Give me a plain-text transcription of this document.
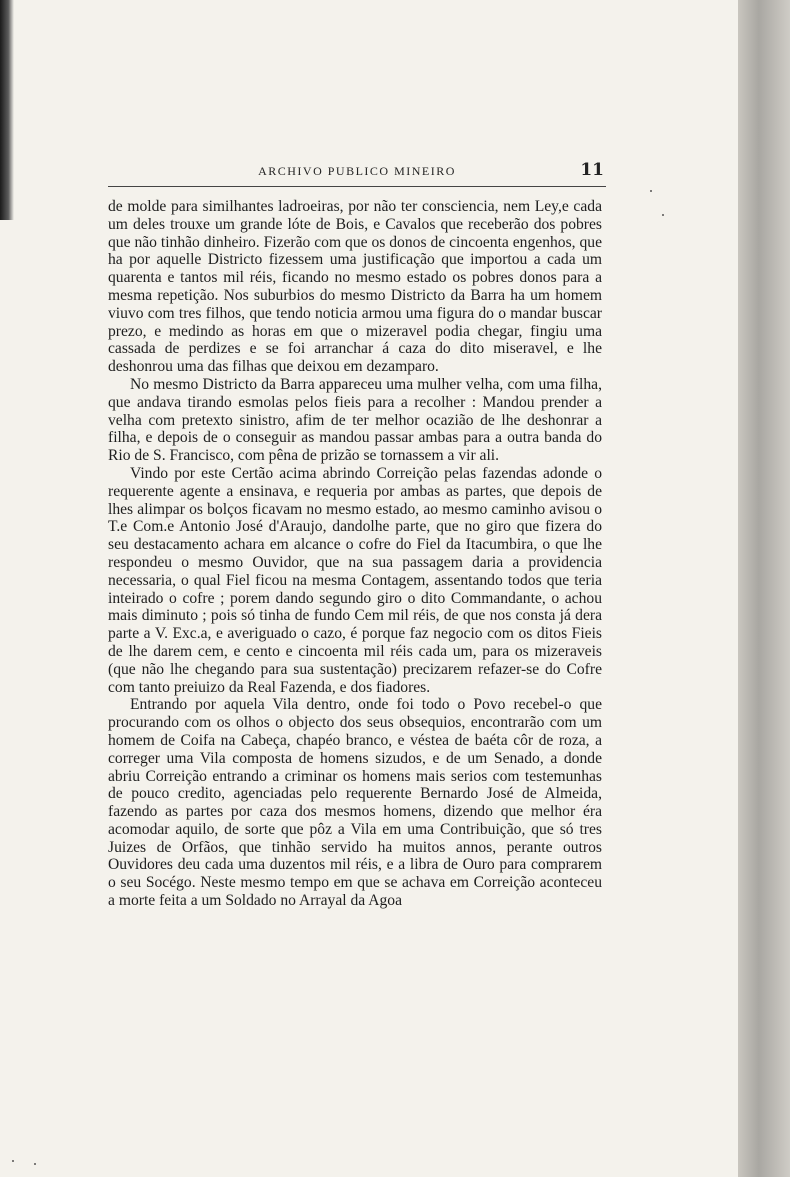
ARCHIVO PUBLICO MINEIRO	11

de molde para similhantes ladroeiras, por não ter consciencia, nem Ley,e cada um deles trouxe um grande lóte de Bois, e Cavalos que receberão dos pobres que não tinhão dinheiro. Fizerão com que os donos de cincoenta engenhos, que ha por aquelle Districto fizessem uma justificação que importou a cada um quarenta e tantos mil réis, ficando no mesmo estado os pobres donos para a mesma repetição. Nos suburbios do mesmo Districto da Barra ha um homem viuvo com tres filhos, que tendo noticia armou uma figura do o mandar buscar prezo, e medindo as horas em que o mizeravel podia chegar, fingiu uma cassada de perdizes e se foi arranchar á caza do dito miseravel, e lhe deshonrou uma das filhas que deixou em dezamparo.

No mesmo Districto da Barra appareceu uma mulher velha, com uma filha, que andava tirando esmolas pelos fieis para a recolher : Mandou prender a velha com pretexto sinistro, afim de ter melhor ocazião de lhe deshonrar a filha, e depois de o conseguir as mandou passar ambas para a outra banda do Rio de S. Francisco, com pêna de prizão se tornassem a vir ali.

Vindo por este Certão acima abrindo Correição pelas fazendas adonde o requerente agente a ensinava, e requeria por ambas as partes, que depois de lhes alimpar os bolços ficavam no mesmo estado, ao mesmo caminho avisou o T.e Com.e Antonio José d'Araujo, dandolhe parte, que no giro que fizera do seu destacamento achara em alcance o cofre do Fiel da Itacumbira, o que lhe respondeu o mesmo Ouvidor, que na sua passagem daria a providencia necessaria, o qual Fiel ficou na mesma Contagem, assentando todos que teria inteirado o cofre ; porem dando segundo giro o dito Commandante, o achou mais diminuto ; pois só tinha de fundo Cem mil réis, de que nos consta já dera parte a V. Exc.a, e averiguado o cazo, é porque faz negocio com os ditos Fieis de lhe darem cem, e cento e cincoenta mil réis cada um, para os mizeraveis (que não lhe chegando para sua sustentação) precizarem refazer-se do Cofre com tanto preiuizo da Real Fazenda, e dos fiadores.

Entrando por aquela Vila dentro, onde foi todo o Povo recebel-o que procurando com os olhos o objecto dos seus obsequios, encontrarão com um homem de Coifa na Cabeça, chapéo branco, e véstea de baéta côr de roza, a correger uma Vila composta de homens sizudos, e de um Senado, a donde abriu Correição entrando a criminar os homens mais serios com testemunhas de pouco credito, agenciadas pelo requerente Bernardo José de Almeida, fazendo as partes por caza dos mesmos homens, dizendo que melhor éra acomodar aquilo, de sorte que pôz a Vila em uma Contribuição, que só tres Juizes de Orfãos, que tinhão servido ha muitos annos, perante outros Ouvidores deu cada uma duzentos mil réis, e a libra de Ouro para comprarem o seu Socégo. Neste mesmo tempo em que se achava em Correição aconteceu a morte feita a um Soldado no Arrayal da Agoa
